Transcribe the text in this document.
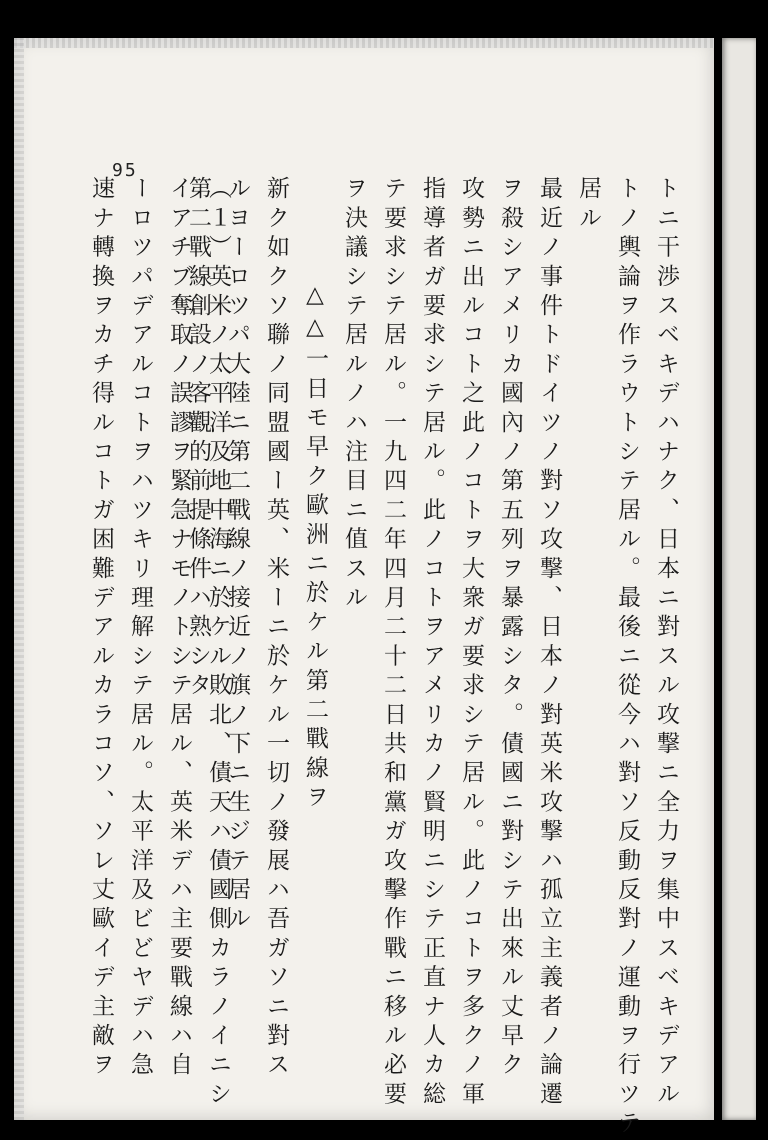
95
トニ干渉スベキデハナク、日本ニ對スル攻撃ニ全力ヲ集中スベキデアル
トノ輿論ヲ作ラウトシテ居ル。最後ニ從今ハ對ソ反動反對ノ運動ヲ行ツテ
居ル
最近ノ事件トドイツノ對ソ攻撃、日本ノ對英米攻撃ハ孤立主義者ノ論遷
ヲ殺シアメリカ國內ノ第五列ヲ暴露シタ。債國ニ對シテ出來ル丈早ク
攻勢ニ出ルコト之此ノコトヲ大衆ガ要求シテ居ル。此ノコトヲ多クノ軍
指導者ガ要求シテ居ル。此ノコトヲアメリカノ賢明ニシテ正直ナ人カ総
テ要求シテ居ル。一九四二年四月二十二日共和黨ガ攻擊作戰ニ移ル必要
ヲ決議シテ居ルノハ注目ニ值スル
△△一日モ早ク歐洲ニ於ケル第二戰線ヲ
新ク如クソ聯ノ同盟國ー英、米ーニ於ケル一切ノ發展ハ吾ガソニ對ス
ルヨーロツパ大陸ニ第二戰線ノ接近ノ旗ノ下ニ生ジテ居ル
第二戰線創設ノ客觀的前提條件ハ熟シタ
（１）英米ノ太平洋及地中海ニ於ケル敗北、債天ハ債國側カラノイニシ
イアチブ奪取ノ誤謬ヲ緊急ナモノトシテ居ル、英米デハ主要戰線ハ自
ーロツパデアルコトヲハツキリ理解シテ居ル。太平洋及ビどヤデハ急
速ナ轉換ヲカチ得ルコトガ困難デアルカラコソ、ソレ丈歐イデ主敵ヲ
